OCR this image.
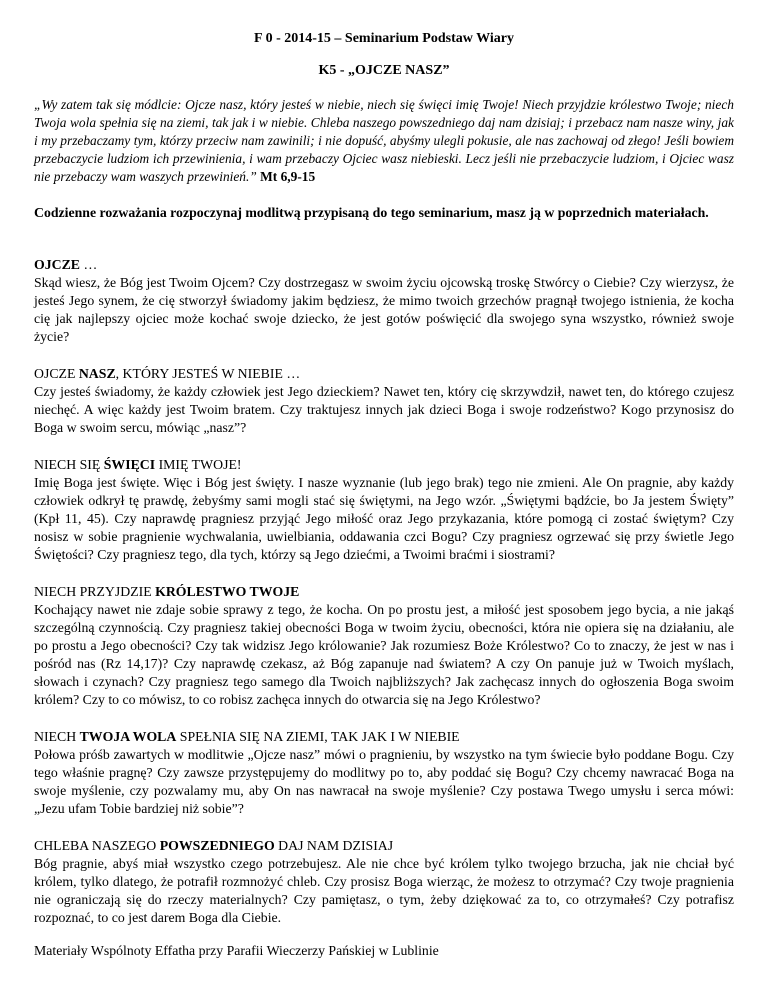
F 0 - 2014-15 – Seminarium Podstaw Wiary
K5 - „OJCZE NASZ”

„Wy zatem tak się módlcie: Ojcze nasz, który jesteś w niebie, niech się święci imię Twoje! Niech przyjdzie królestwo Twoje; niech Twoja wola spełnia się na ziemi, tak jak i w niebie. Chleba naszego powszedniego daj nam dzisiaj; i przebacz nam nasze winy, jak i my przebaczamy tym, którzy przeciw nam zawinili; i nie dopuść, abyśmy ulegli pokusie, ale nas zachowaj od złego! Jeśli bowiem przebaczycie ludziom ich przewinienia, i wam przebaczy Ojciec wasz niebieski. Lecz jeśli nie przebaczycie ludziom, i Ojciec wasz nie przebaczy wam waszych przewinień.” Mt 6,9-15

Codzienne rozważania rozpoczynaj modlitwą przypisaną do tego seminarium, masz ją w poprzednich materiałach.

OJCZE …

Skąd wiesz, że Bóg jest Twoim Ojcem? Czy dostrzegasz w swoim życiu ojcowską troskę Stwórcy o Ciebie? Czy wierzysz, że jesteś Jego synem, że cię stworzył świadomy jakim będziesz, że mimo twoich grzechów pragnął twojego istnienia, że kocha cię jak najlepszy ojciec może kochać swoje dziecko, że jest gotów poświęcić dla swojego syna wszystko, również swoje życie?

OJCZE NASZ, KTÓRY JESTEŚ W NIEBIE …

Czy jesteś świadomy, że każdy człowiek jest Jego dzieckiem? Nawet ten, który cię skrzywdził, nawet ten, do którego czujesz niechęć. A więc każdy jest Twoim bratem. Czy traktujesz innych jak dzieci Boga i swoje rodzeństwo? Kogo przynosisz do Boga w swoim sercu, mówiąc „nasz”?

NIECH SIĘ ŚWIĘCI IMIĘ TWOJE!

Imię Boga jest święte. Więc i Bóg jest święty. I nasze wyznanie (lub jego brak) tego nie zmieni. Ale On pragnie, aby każdy człowiek odkrył tę prawdę, żebyśmy sami mogli stać się świętymi, na Jego wzór. „Świętymi bądźcie, bo Ja jestem Święty” (Kpł 11, 45). Czy naprawdę pragniesz przyjąć Jego miłość oraz Jego przykazania, które pomogą ci zostać świętym? Czy nosisz w sobie pragnienie wychwalania, uwielbiania, oddawania czci Bogu? Czy pragniesz ogrzewać się przy świetle Jego Świętości? Czy pragniesz tego, dla tych, którzy są Jego dziećmi, a Twoimi braćmi i siostrami?

NIECH PRZYJDZIE KRÓLESTWO TWOJE

Kochający nawet nie zdaje sobie sprawy z tego, że kocha. On po prostu jest, a miłość jest sposobem jego bycia, a nie jakąś szczególną czynnością. Czy pragniesz takiej obecności Boga w twoim życiu, obecności, która nie opiera się na działaniu, ale po prostu a Jego obecności? Czy tak widzisz Jego królowanie? Jak rozumiesz Boże Królestwo? Co to znaczy, że jest w nas i pośród nas (Rz 14,17)? Czy naprawdę czekasz, aż Bóg zapanuje nad światem? A czy On panuje już w Twoich myślach, słowach i czynach? Czy pragniesz tego samego dla Twoich najbliższych? Jak zachęcasz innych do ogłoszenia Boga swoim królem? Czy to co mówisz, to co robisz zachęca innych do otwarcia się na Jego Królestwo?

NIECH TWOJA WOLA SPEŁNIA SIĘ NA ZIEMI, TAK JAK I W NIEBIE

Połowa próśb zawartych w modlitwie „Ojcze nasz” mówi o pragnieniu, by wszystko na tym świecie było poddane Bogu. Czy tego właśnie pragnę? Czy zawsze przystępujemy do modlitwy po to, aby poddać się Bogu? Czy chcemy nawracać Boga na swoje myślenie, czy pozwalamy mu, aby On nas nawracał na swoje myślenie? Czy postawa Twego umysłu i serca mówi: „Jezu ufam Tobie bardziej niż sobie”?

CHLEBA NASZEGO POWSZEDNIEGO DAJ NAM DZISIAJ

Bóg pragnie, abyś miał wszystko czego potrzebujesz. Ale nie chce być królem tylko twojego brzucha, jak nie chciał być królem, tylko dlatego, że potrafił rozmnożyć chleb. Czy prosisz Boga wierząc, że możesz to otrzymać? Czy twoje pragnienia nie ograniczają się do rzeczy materialnych? Czy pamiętasz, o tym, żeby dziękować za to, co otrzymałeś? Czy potrafisz rozpoznać, to co jest darem Boga dla Ciebie.

Materiały Wspólnoty Effatha przy Parafii Wieczerzy Pańskiej w Lublinie
